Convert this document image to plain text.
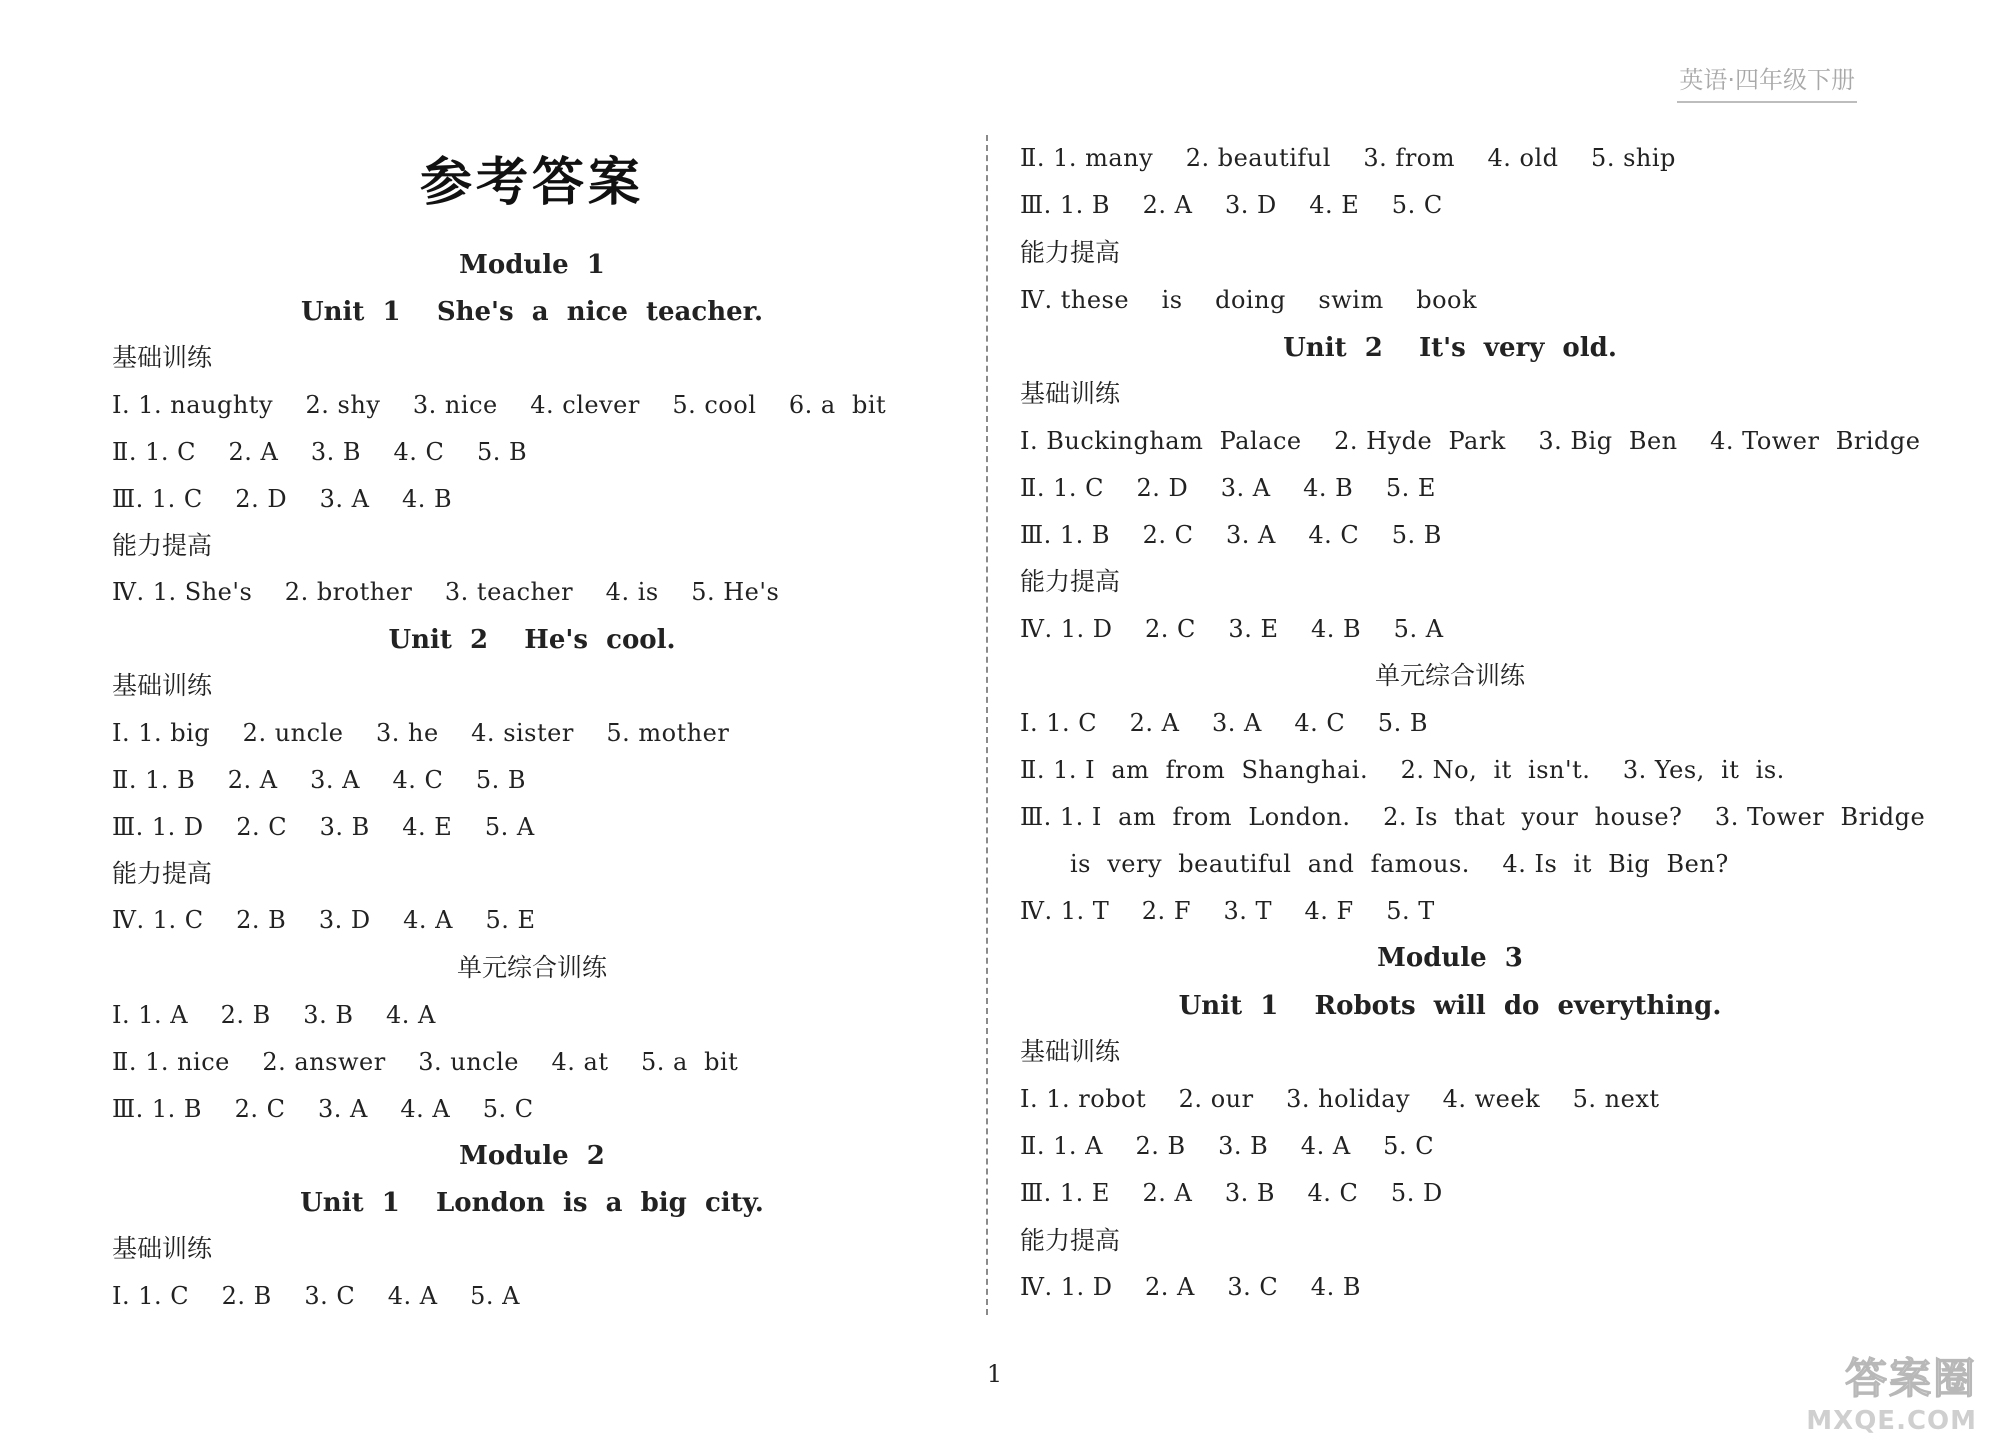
英语·四年级下册
参考答案
Module  1
Unit  1    She's  a  nice  teacher.
基础训练
Ⅰ. 1. naughty    2. shy    3. nice    4. clever    5. cool    6. a  bit
Ⅱ. 1. C    2. A    3. B    4. C    5. B
Ⅲ. 1. C    2. D    3. A    4. B
能力提高
Ⅳ. 1. She's    2. brother    3. teacher    4. is    5. He's
Unit  2    He's  cool.
基础训练
Ⅰ. 1. big    2. uncle    3. he    4. sister    5. mother
Ⅱ. 1. B    2. A    3. A    4. C    5. B
Ⅲ. 1. D    2. C    3. B    4. E    5. A
能力提高
Ⅳ. 1. C    2. B    3. D    4. A    5. E
单元综合训练
Ⅰ. 1. A    2. B    3. B    4. A
Ⅱ. 1. nice    2. answer    3. uncle    4. at    5. a  bit
Ⅲ. 1. B    2. C    3. A    4. A    5. C
Module  2
Unit  1    London  is  a  big  city.
基础训练
Ⅰ. 1. C    2. B    3. C    4. A    5. A
Ⅱ. 1. many    2. beautiful    3. from    4. old    5. ship
Ⅲ. 1. B    2. A    3. D    4. E    5. C
能力提高
Ⅳ. these    is    doing    swim    book
Unit  2    It's  very  old.
基础训练
Ⅰ. Buckingham  Palace    2. Hyde  Park    3. Big  Ben    4. Tower  Bridge
Ⅱ. 1. C    2. D    3. A    4. B    5. E
Ⅲ. 1. B    2. C    3. A    4. C    5. B
能力提高
Ⅳ. 1. D    2. C    3. E    4. B    5. A
单元综合训练
Ⅰ. 1. C    2. A    3. A    4. C    5. B
Ⅱ. 1. I  am  from  Shanghai.    2. No,  it  isn't.    3. Yes,  it  is.
Ⅲ. 1. I  am  from  London.    2. Is  that  your  house?    3. Tower  Bridge
is  very  beautiful  and  famous.    4. Is  it  Big  Ben?
Ⅳ. 1. T    2. F    3. T    4. F    5. T
Module  3
Unit  1    Robots  will  do  everything.
基础训练
Ⅰ. 1. robot    2. our    3. holiday    4. week    5. next
Ⅱ. 1. A    2. B    3. B    4. A    5. C
Ⅲ. 1. E    2. A    3. B    4. C    5. D
能力提高
Ⅳ. 1. D    2. A    3. C    4. B
1	答案圈
MXQE.COM
